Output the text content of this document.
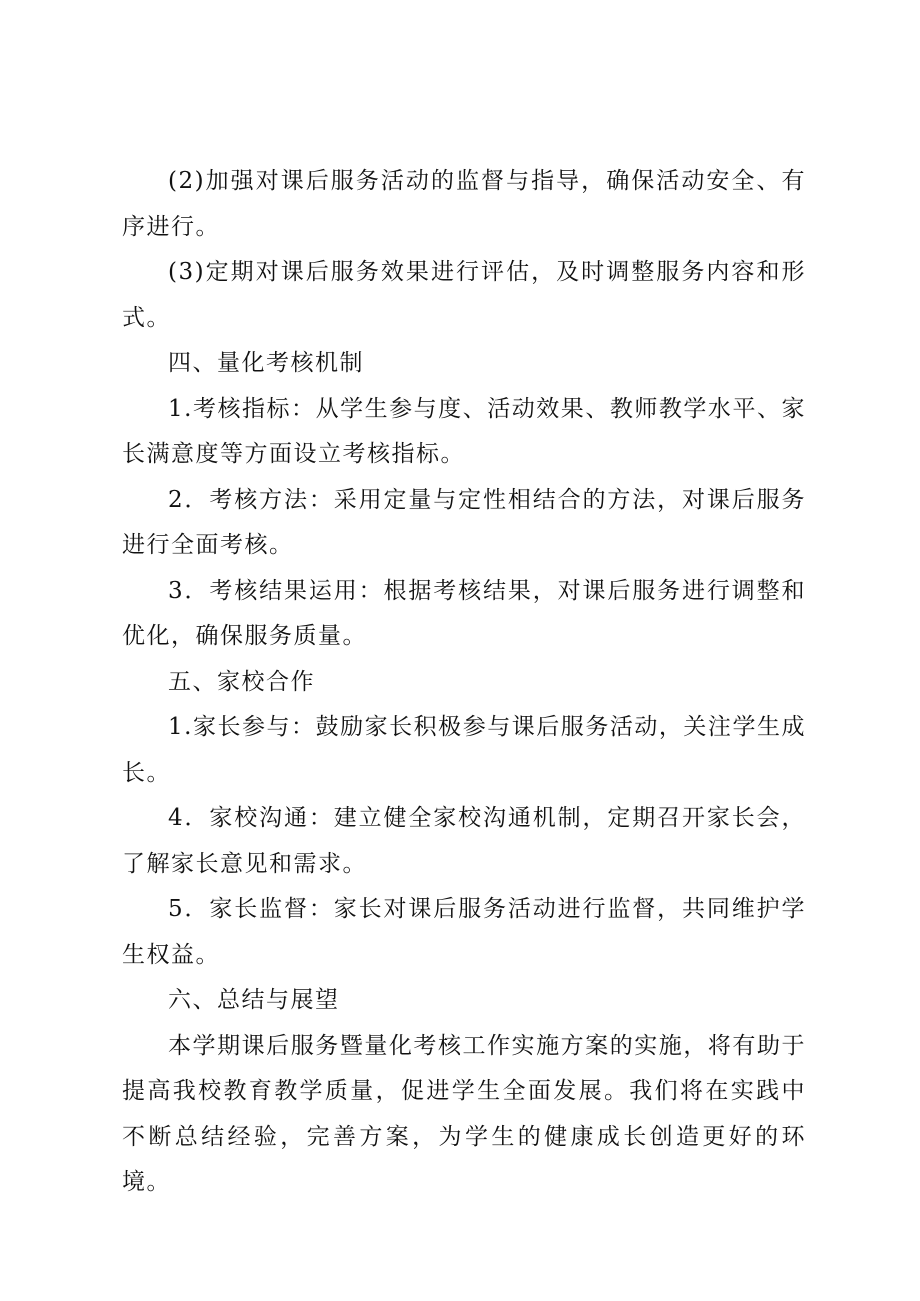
(2)加强对课后服务活动的监督与指导，确保活动安全、有序进行。

(3)定期对课后服务效果进行评估，及时调整服务内容和形式。

四、量化考核机制

1.考核指标：从学生参与度、活动效果、教师教学水平、家长满意度等方面设立考核指标。

2．考核方法：采用定量与定性相结合的方法，对课后服务进行全面考核。

3．考核结果运用：根据考核结果，对课后服务进行调整和优化，确保服务质量。

五、家校合作

1.家长参与：鼓励家长积极参与课后服务活动，关注学生成长。

4．家校沟通：建立健全家校沟通机制，定期召开家长会，了解家长意见和需求。

5．家长监督：家长对课后服务活动进行监督，共同维护学生权益。

六、总结与展望

本学期课后服务暨量化考核工作实施方案的实施，将有助于提高我校教育教学质量，促进学生全面发展。我们将在实践中不断总结经验，完善方案，为学生的健康成长创造更好的环境。
